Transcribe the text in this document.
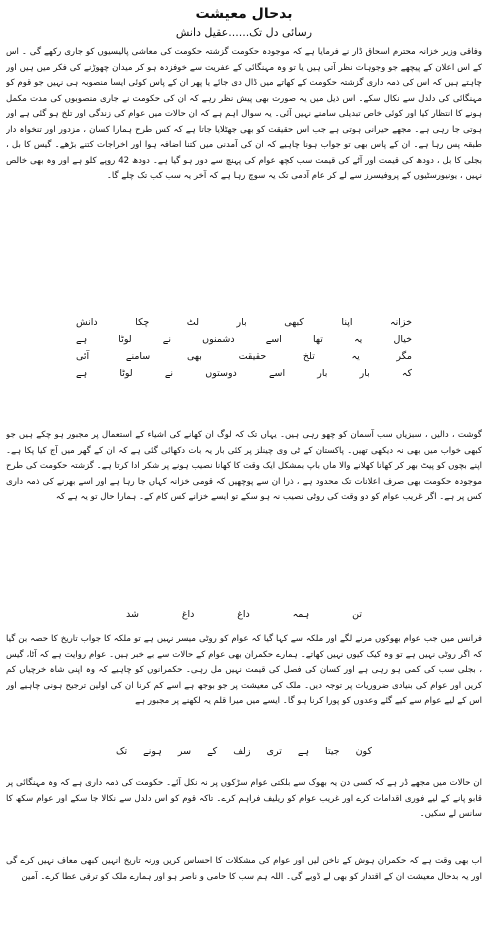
بدحال معیشت
رسائی دل تک......عقیل دانش

وفاقی وزیر خزانہ محترم اسحاق ڈار نے فرمایا ہے کہ موجودہ حکومت گزشتہ حکومت کی معاشی پالیسیوں کو جاری رکھے گی ۔ اس کے اس اعلان کے پیچھے جو وجوہات نظر آتی ہیں یا تو وہ مہنگائی کے عفریت سے خوفزدہ ہو کر میدان چھوڑنے کی فکر میں ہیں اور چاہتے ہیں کہ اس کی ذمہ داری گزشتہ حکومت کے کھاتے میں ڈال دی جائے یا پھر ان کے پاس کوئی ایسا منصوبہ ہی نہیں جو قوم کو مہنگائی کی دلدل سے نکال سکے۔ اس ذیل میں یہ صورت بھی پیش نظر رہے کہ ان کی حکومت نے جاری منصوبوں کی مدت مکمل ہونے کا انتظار کیا اور کوئی خاص تبدیلی سامنے نہیں آئی۔ یہ سوال اہم ہے کہ ان حالات میں عوام کی زندگی اور تلخ ہو گئی ہے اور ہوتی جا رہی ہے۔ مجھے حیرانی ہوتی ہے جب اس حقیقت کو بھی جھٹلایا جاتا ہے کہ کس طرح ہمارا کسان ، مزدور اور تنخواہ دار طبقہ پس رہا ہے۔ ان کے پاس بھی تو جواب ہونا چاہیے کہ ان کی آمدنی میں کتنا اضافہ ہوا اور اخراجات کتنے بڑھے۔ گیس کا بل ، بجلی کا بل ، دودھ کی قیمت اور آٹے کی قیمت سب کچھ عوام کی پہنچ سے دور ہو گیا ہے۔ دودھ 42 روپے کلو ہے اور وہ بھی خالص نہیں ، یونیورسٹیوں کے پروفیسرز سے لے کر عام آدمی تک یہ سوچ رہا ہے کہ آخر یہ سب کب تک چلے گا۔

خزانہ اپنا کبھی بار لٹ چکا دانش
خیال یہ تھا اسے دشمنوں نے لوٹا ہے
مگر یہ تلخ حقیقت بھی سامنے آئی
کہ بار بار اسے دوستوں نے لوٹا ہے

گوشت ، دالیں ، سبزیاں سب آسمان کو چھو رہی ہیں۔ یہاں تک کہ لوگ ان کھانے کی اشیاء کے استعمال پر مجبور ہو چکے ہیں جو کبھی خواب میں بھی نہ دیکھی تھیں۔ پاکستان کے ٹی وی چینلز پر کئی بار یہ بات دکھائی گئی ہے کہ ان کے گھر میں آج کیا پکا ہے۔ اپنے بچوں کو پیٹ بھر کر کھانا کھلانے والا ماں باپ بمشکل ایک وقت کا کھانا نصیب ہونے پر شکر ادا کرتا ہے۔ گزشتہ حکومت کی طرح موجودہ حکومت بھی صرف اعلانات تک محدود ہے ، ذرا ان سے پوچھیں کہ قومی خزانہ کہاں جا رہا ہے اور اسے بھرنے کی ذمہ داری کس پر ہے۔ اگر غریب عوام کو دو وقت کی روٹی نصیب نہ ہو سکے تو ایسے خزانے کس کام کے۔ ہمارا حال تو یہ ہے کہ

تن ہمہ داغ داغ شد

فرانس میں جب عوام بھوکوں مرنے لگے اور ملکہ سے کہا گیا کہ عوام کو روٹی میسر نہیں ہے تو ملکہ کا جواب تاریخ کا حصہ بن گیا کہ اگر روٹی نہیں ہے تو وہ کیک کیوں نہیں کھاتے۔ ہمارے حکمران بھی عوام کے حالات سے بے خبر ہیں۔ عوام روایت ہے کہ آٹا، گیس ، بجلی سب کی کمی ہو رہی ہے اور کسان کی فصل کی قیمت نہیں مل رہی۔ حکمرانوں کو چاہیے کہ وہ اپنی شاہ خرچیاں کم کریں اور عوام کی بنیادی ضروریات پر توجہ دیں۔ ملک کی معیشت پر جو بوجھ ہے اسے کم کرنا ان کی اولین ترجیح ہونی چاہیے اور اس کے لیے عوام سے کیے گئے وعدوں کو پورا کرنا ہو گا۔ ایسے میں میرا قلم یہ لکھنے پر مجبور ہے

کون جیتا ہے تری زلف کے سر ہونے تک

ان حالات میں مجھے ڈر ہے کہ کسی دن یہ بھوک سے بلکتی عوام سڑکوں پر نہ نکل آئے۔ حکومت کی ذمہ داری ہے کہ وہ مہنگائی پر قابو پانے کے لیے فوری اقدامات کرے اور غریب عوام کو ریلیف فراہم کرے۔ تاکہ قوم کو اس دلدل سے نکالا جا سکے اور عوام سکھ کا سانس لے سکیں۔

اب بھی وقت ہے کہ حکمران ہوش کے ناخن لیں اور عوام کی مشکلات کا احساس کریں ورنہ تاریخ انہیں کبھی معاف نہیں کرے گی اور یہ بدحال معیشت ان کے اقتدار کو بھی لے ڈوبے گی۔ اللہ ہم سب کا حامی و ناصر ہو اور ہمارے ملک کو ترقی عطا کرے۔ آمین
